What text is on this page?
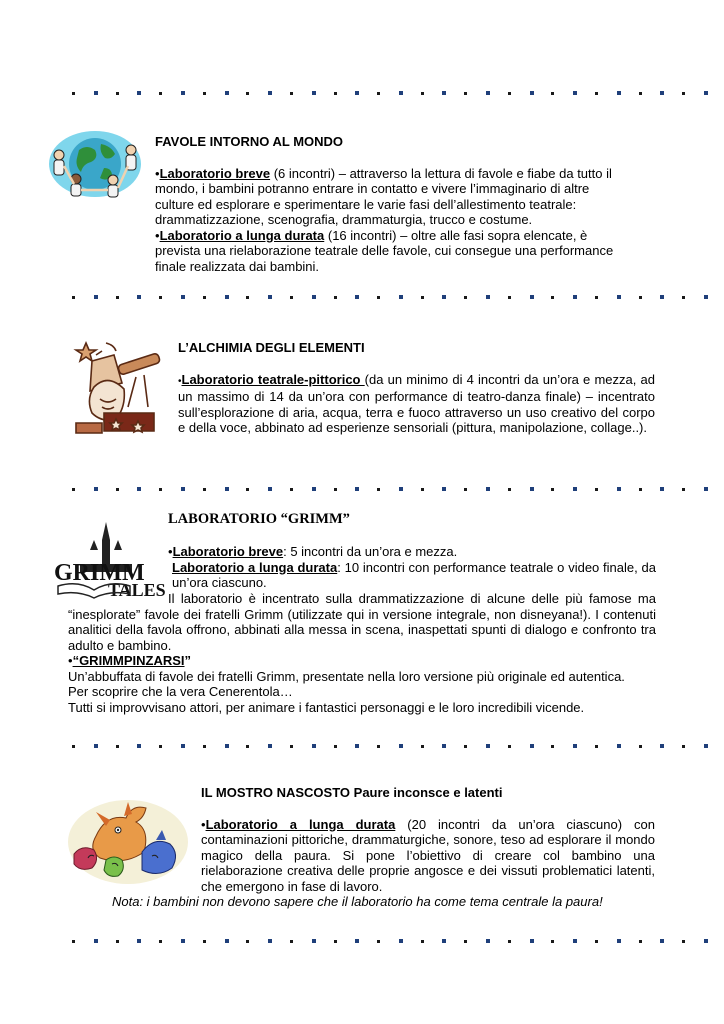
FAVOLE INTORNO AL MONDO

•Laboratorio breve (6 incontri) – attraverso la lettura di favole e fiabe da tutto il mondo, i bambini potranno entrare in contatto e vivere l’immaginario di altre culture ed esplorare e sperimentare le varie fasi dell’allestimento teatrale: drammatizzazione, scenografia, drammaturgia, trucco e costume.

•Laboratorio a lunga durata (16 incontri) – oltre alle fasi sopra elencate, è prevista una rielaborazione teatrale delle favole, cui consegue una performance finale realizzata dai bambini.

L’ALCHIMIA DEGLI ELEMENTI

•Laboratorio teatrale-pittorico (da un minimo di 4 incontri da un’ora e mezza, ad un massimo di 14 da un’ora con performance di teatro-danza finale) – incentrato sull’esplorazione di aria, acqua, terra e fuoco attraverso un uso creativo del corpo e della voce, abbinato ad esperienze sensoriali (pittura, manipolazione, collage..).

GRIMM
TALES

LABORATORIO “GRIMM”

•Laboratorio breve: 5 incontri da un’ora e mezza.

Laboratorio a lunga durata: 10 incontri con performance teatrale o video finale, da un’ora ciascuno.

Il laboratorio è incentrato sulla drammatizzazione di alcune delle più famose ma “inesplorate” favole dei fratelli Grimm (utilizzate qui in versione integrale, non disneyana!). I contenuti analitici della favola offrono, abbinati alla messa in scena, inaspettati spunti di dialogo e confronto tra adulto e bambino.

•“GRIMMPINZARSI”

Un’abbuffata di favole dei fratelli Grimm, presentate nella loro versione più originale ed autentica.

Per scoprire che la vera Cenerentola…

Tutti si improvvisano attori, per animare i fantastici personaggi e le loro incredibili vicende.

IL MOSTRO NASCOSTO Paure inconsce e latenti

•Laboratorio a lunga durata (20 incontri da un’ora ciascuno) con contaminazioni pittoriche, drammaturgiche, sonore, teso ad esplorare il mondo magico della paura. Si pone l’obiettivo di creare col bambino una rielaborazione creativa delle proprie angosce e dei vissuti problematici latenti, che emergono in fase di lavoro.

Nota: i bambini non devono sapere che il laboratorio ha come tema centrale la paura!
